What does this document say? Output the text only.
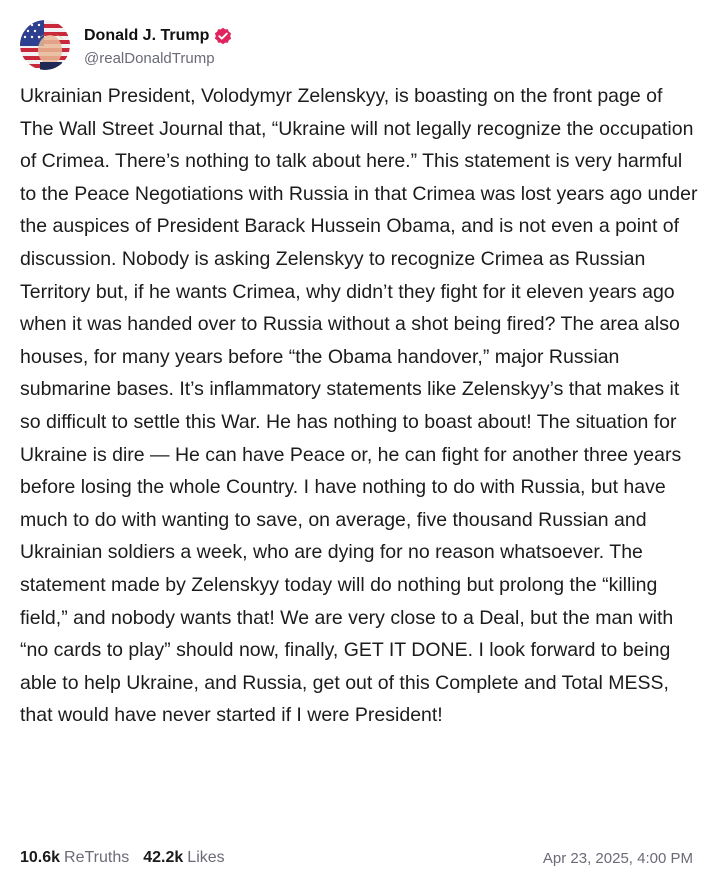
Donald J. Trump
@realDonaldTrump

Ukrainian President, Volodymyr Zelenskyy, is boasting on the front page of The Wall Street Journal that, “Ukraine will not legally recognize the occupation of Crimea. There’s nothing to talk about here.” This statement is very harmful to the Peace Negotiations with Russia in that Crimea was lost years ago under the auspices of President Barack Hussein Obama, and is not even a point of discussion. Nobody is asking Zelenskyy to recognize Crimea as Russian Territory but, if he wants Crimea, why didn’t they fight for it eleven years ago when it was handed over to Russia without a shot being fired? The area also houses, for many years before “the Obama handover,” major Russian submarine bases. It’s inflammatory statements like Zelenskyy’s that makes it so difficult to settle this War. He has nothing to boast about! The situation for Ukraine is dire — He can have Peace or, he can fight for another three years before losing the whole Country. I have nothing to do with Russia, but have much to do with wanting to save, on average, five thousand Russian and Ukrainian soldiers a week, who are dying for no reason whatsoever. The statement made by Zelenskyy today will do nothing but prolong the “killing field,” and nobody wants that! We are very close to a Deal, but the man with “no cards to play” should now, finally, GET IT DONE. I look forward to being able to help Ukraine, and Russia, get out of this Complete and Total MESS, that would have never started if I were President!

10.6k ReTruths 42.2k Likes	Apr 23, 2025, 4:00 PM
